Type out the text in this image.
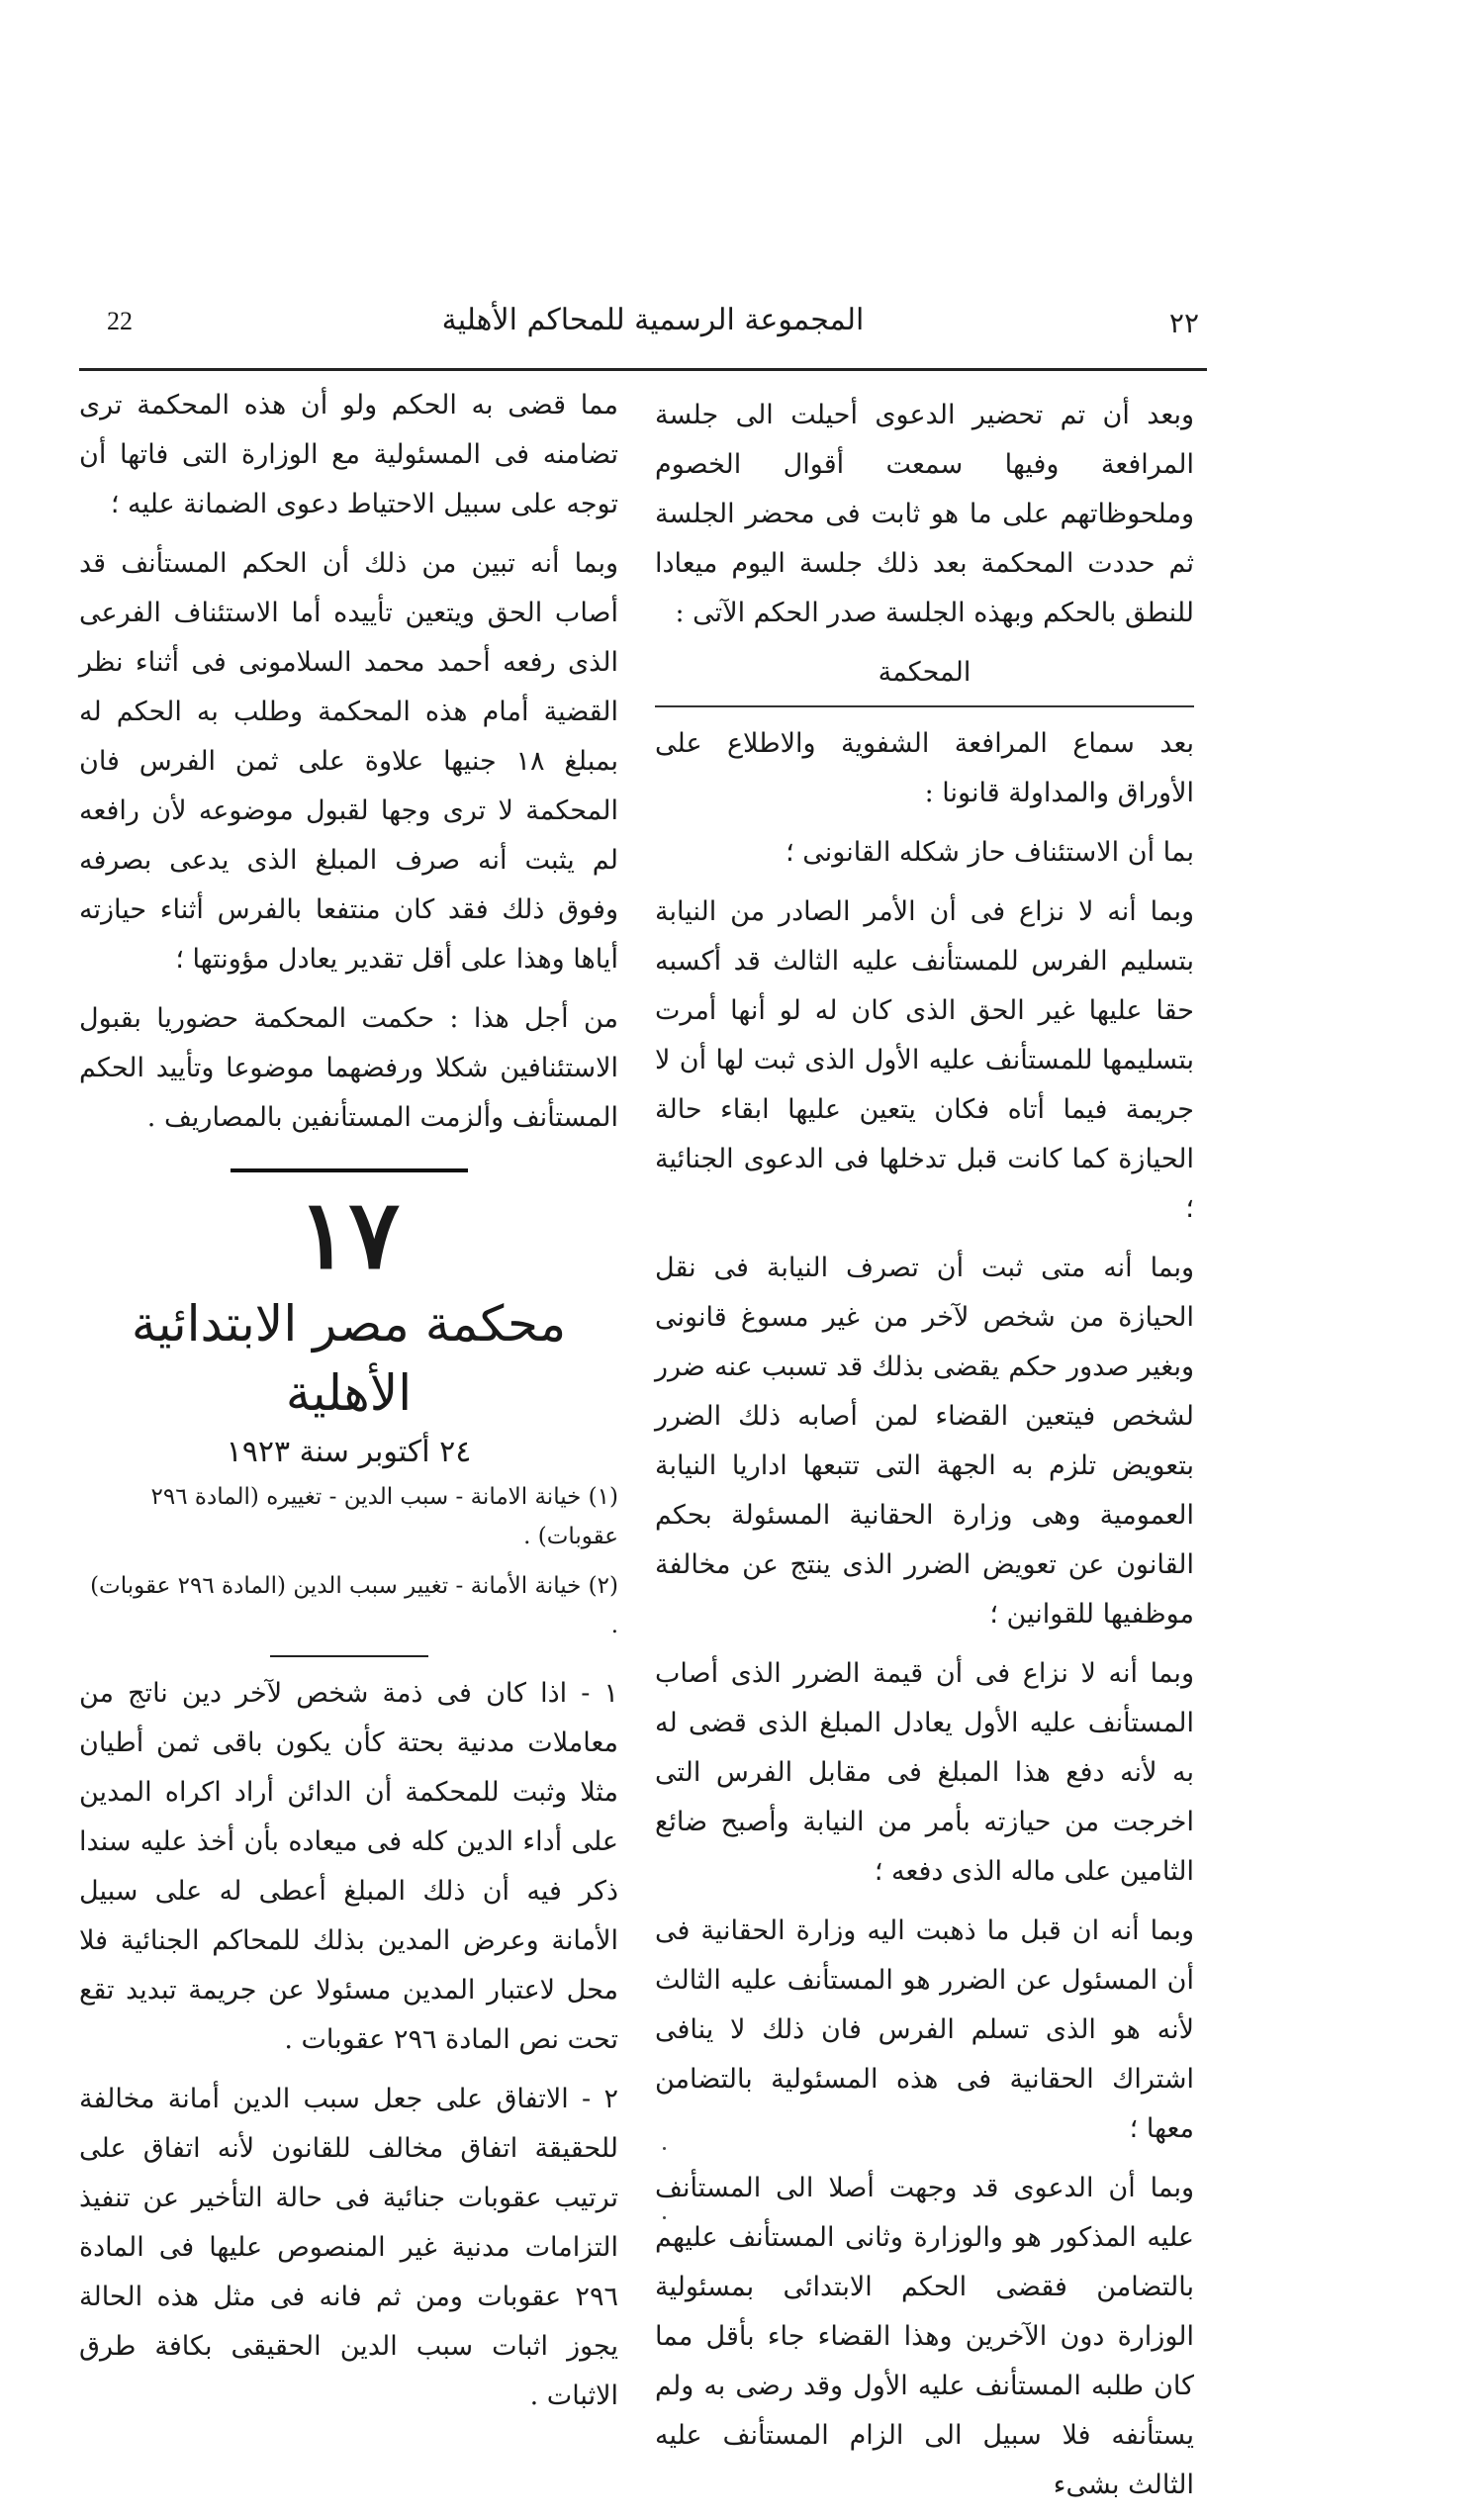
22	المجموعة الرسمية للمحاكم الأهلية	٢٢

وبعد أن تم تحضير الدعوى أحيلت الى جلسة المرافعة وفيها سمعت أقوال الخصوم وملحوظاتهم على ما هو ثابت فى محضر الجلسة ثم حددت المحكمة بعد ذلك جلسة اليوم ميعادا للنطق بالحكم وبهذه الجلسة صدر الحكم الآتى :

المحكمة

بعد سماع المرافعة الشفوية والاطلاع على الأوراق والمداولة قانونا :

بما أن الاستئناف حاز شكله القانونى ؛

وبما أنه لا نزاع فى أن الأمر الصادر من النيابة بتسليم الفرس للمستأنف عليه الثالث قد أكسبه حقا عليها غير الحق الذى كان له لو أنها أمرت بتسليمها للمستأنف عليه الأول الذى ثبت لها أن لا جريمة فيما أتاه فكان يتعين عليها ابقاء حالة الحيازة كما كانت قبل تدخلها فى الدعوى الجنائية ؛

وبما أنه متى ثبت أن تصرف النيابة فى نقل الحيازة من شخص لآخر من غير مسوغ قانونى وبغير صدور حكم يقضى بذلك قد تسبب عنه ضرر لشخص فيتعين القضاء لمن أصابه ذلك الضرر بتعويض تلزم به الجهة التى تتبعها اداريا النيابة العمومية وهى وزارة الحقانية المسئولة بحكم القانون عن تعويض الضرر الذى ينتج عن مخالفة موظفيها للقوانين ؛

وبما أنه لا نزاع فى أن قيمة الضرر الذى أصاب المستأنف عليه الأول يعادل المبلغ الذى قضى له به لأنه دفع هذا المبلغ فى مقابل الفرس التى اخرجت من حيازته بأمر من النيابة وأصبح ضائع الثامين على ماله الذى دفعه ؛

وبما أنه ان قبل ما ذهبت اليه وزارة الحقانية فى أن المسئول عن الضرر هو المستأنف عليه الثالث لأنه هو الذى تسلم الفرس فان ذلك لا ينافى اشتراك الحقانية فى هذه المسئولية بالتضامن معها ؛

وبما أن الدعوى قد وجهت أصلا الى المستأنف عليه المذكور هو والوزارة وثانى المستأنف عليهم بالتضامن فقضى الحكم الابتدائى بمسئولية الوزارة دون الآخرين وهذا القضاء جاء بأقل مما كان طلبه المستأنف عليه الأول وقد رضى به ولم يستأنفه فلا سبيل الى الزام المستأنف عليه الثالث بشىء

مما قضى به الحكم ولو أن هذه المحكمة ترى تضامنه فى المسئولية مع الوزارة التى فاتها أن توجه على سبيل الاحتياط دعوى الضمانة عليه ؛

وبما أنه تبين من ذلك أن الحكم المستأنف قد أصاب الحق ويتعين تأييده أما الاستئناف الفرعى الذى رفعه أحمد محمد السلامونى فى أثناء نظر القضية أمام هذه المحكمة وطلب به الحكم له بمبلغ ١٨ جنيها علاوة على ثمن الفرس فان المحكمة لا ترى وجها لقبول موضوعه لأن رافعه لم يثبت أنه صرف المبلغ الذى يدعى بصرفه وفوق ذلك فقد كان منتفعا بالفرس أثناء حيازته أياها وهذا على أقل تقدير يعادل مؤونتها ؛

من أجل هذا : حكمت المحكمة حضوريا بقبول الاستئنافين شكلا ورفضهما موضوعا وتأييد الحكم المستأنف وألزمت المستأنفين بالمصاريف .

١٧
محكمة مصر الابتدائية الأهلية
٢٤ أكتوبر سنة ١٩٢٣

(١) خيانة الامانة - سبب الدين - تغييره (المادة ٢٩٦ عقوبات) .

(٢) خيانة الأمانة - تغيير سبب الدين (المادة ٢٩٦ عقوبات) .

١ - اذا كان فى ذمة شخص لآخر دين ناتج من معاملات مدنية بحتة كأن يكون باقى ثمن أطيان مثلا وثبت للمحكمة أن الدائن أراد اكراه المدين على أداء الدين كله فى ميعاده بأن أخذ عليه سندا ذكر فيه أن ذلك المبلغ أعطى له على سبيل الأمانة وعرض المدين بذلك للمحاكم الجنائية فلا محل لاعتبار المدين مسئولا عن جريمة تبديد تقع تحت نص المادة ٢٩٦ عقوبات .

٢ - الاتفاق على جعل سبب الدين أمانة مخالفة للحقيقة اتفاق مخالف للقانون لأنه اتفاق على ترتيب عقوبات جنائية فى حالة التأخير عن تنفيذ التزامات مدنية غير المنصوص عليها فى المادة ٢٩٦ عقوبات ومن ثم فانه فى مثل هذه الحالة يجوز اثبات سبب الدين الحقيقى بكافة طرق الاثبات .
